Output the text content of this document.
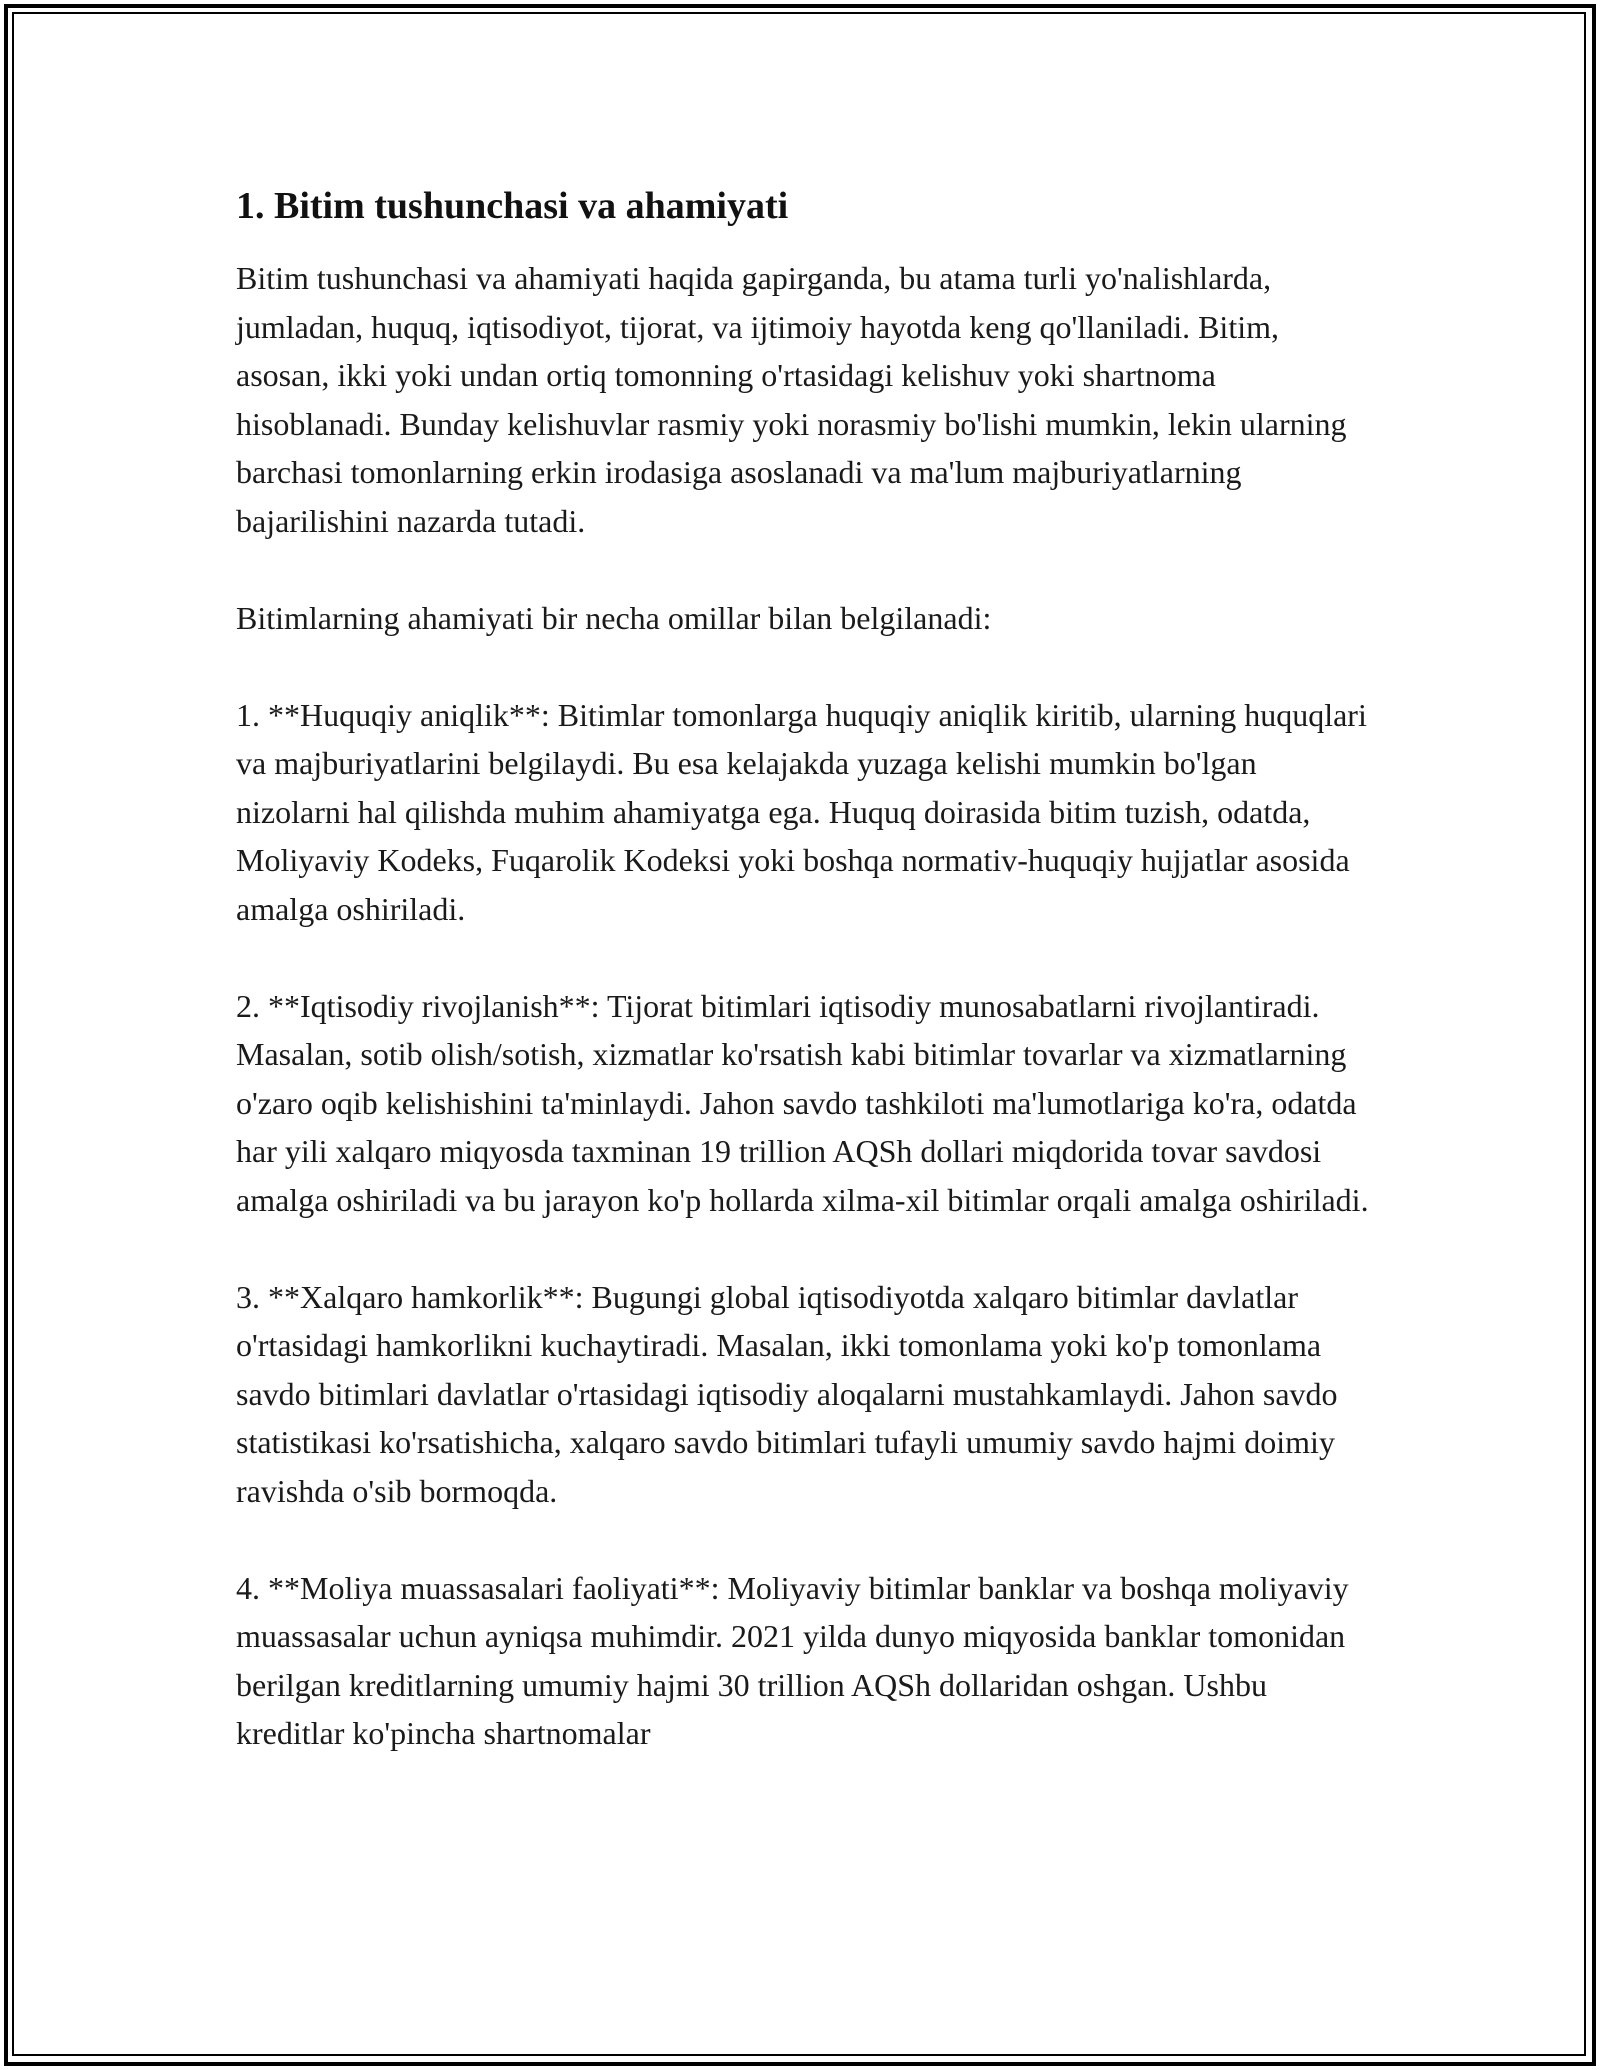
1. Bitim tushunchasi va ahamiyati

Bitim tushunchasi va ahamiyati haqida gapirganda, bu atama turli yo'nalishlarda, jumladan, huquq, iqtisodiyot, tijorat, va ijtimoiy hayotda keng qo'llaniladi. Bitim, asosan, ikki yoki undan ortiq tomonning o'rtasidagi kelishuv yoki shartnoma hisoblanadi. Bunday kelishuvlar rasmiy yoki norasmiy bo'lishi mumkin, lekin ularning barchasi tomonlarning erkin irodasiga asoslanadi va ma'lum majburiyatlarning bajarilishini nazarda tutadi.

Bitimlarning ahamiyati bir necha omillar bilan belgilanadi:

1. **Huquqiy aniqlik**: Bitimlar tomonlarga huquqiy aniqlik kiritib, ularning huquqlari va majburiyatlarini belgilaydi. Bu esa kelajakda yuzaga kelishi mumkin bo'lgan nizolarni hal qilishda muhim ahamiyatga ega. Huquq doirasida bitim tuzish, odatda, Moliyaviy Kodeks, Fuqarolik Kodeksi yoki boshqa normativ-huquqiy hujjatlar asosida amalga oshiriladi.

2. **Iqtisodiy rivojlanish**: Tijorat bitimlari iqtisodiy munosabatlarni rivojlantiradi. Masalan, sotib olish/sotish, xizmatlar ko'rsatish kabi bitimlar tovarlar va xizmatlarning o'zaro oqib kelishishini ta'minlaydi. Jahon savdo tashkiloti ma'lumotlariga ko'ra, odatda har yili xalqaro miqyosda taxminan 19 trillion AQSh dollari miqdorida tovar savdosi amalga oshiriladi va bu jarayon ko'p hollarda xilma-xil bitimlar orqali amalga oshiriladi.

3. **Xalqaro hamkorlik**: Bugungi global iqtisodiyotda xalqaro bitimlar davlatlar o'rtasidagi hamkorlikni kuchaytiradi. Masalan, ikki tomonlama yoki ko'p tomonlama savdo bitimlari davlatlar o'rtasidagi iqtisodiy aloqalarni mustahkamlaydi. Jahon savdo statistikasi ko'rsatishicha, xalqaro savdo bitimlari tufayli umumiy savdo hajmi doimiy ravishda o'sib bormoqda.

4. **Moliya muassasalari faoliyati**: Moliyaviy bitimlar banklar va boshqa moliyaviy muassasalar uchun ayniqsa muhimdir. 2021 yilda dunyo miqyosida banklar tomonidan berilgan kreditlarning umumiy hajmi 30 trillion AQSh dollaridan oshgan. Ushbu kreditlar ko'pincha shartnomalar
